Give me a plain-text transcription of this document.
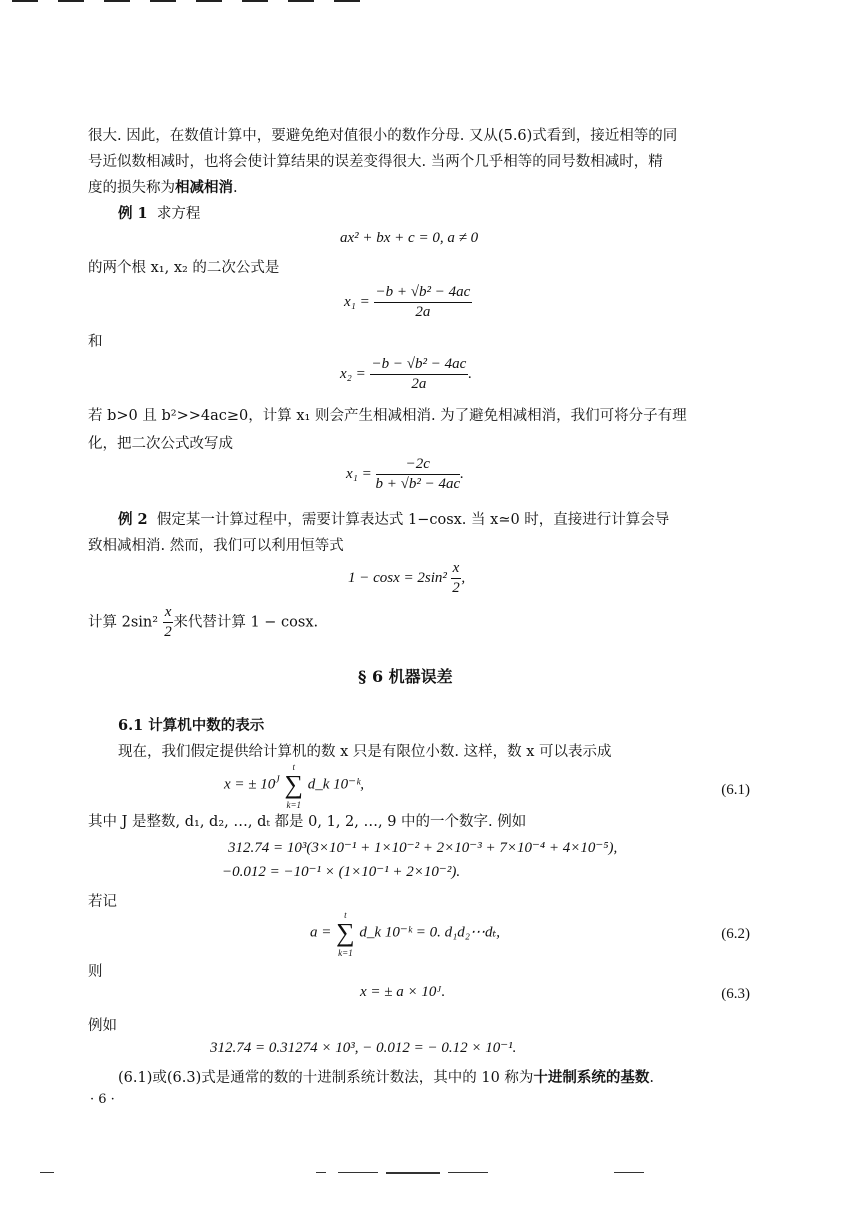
很大. 因此，在数值计算中，要避免绝对值很小的数作分母. 又从(5.6)式看到，接近相等的同
号近似数相减时，也将会使计算结果的误差变得很大. 当两个几乎相等的同号数相减时，精
度的损失称为相减相消.
例 1 求方程
ax² + bx + c = 0, a ≠ 0
的两个根 x₁, x₂ 的二次公式是
$x_1 = \frac{\text{−b + √b² − 4ac}}{2a}$
和
$x_2 = \frac{\text{−b − √b² − 4ac}}{2a}$ .
若 b>0 且 b²>>4ac≥0，计算 x₁ 则会产生相减相消. 为了避免相减相消，我们可将分子有理
化，把二次公式改写成
$x_1 = \frac{-2c}{\text{b + √b² − 4ac}}$ .
例 2 假定某一计算过程中，需要计算表达式 1−cosx. 当 x≃0 时，直接进行计算会导
致相减相消. 然而，我们可以利用恒等式
$1 - \cos x = 2\sin^2 \frac{x}{2}$ ,
计算 $2\sin^2 \frac{x}{2}$ 来代替计算 1 − cosx.
§ 6 机器误差
6.1 计算机中数的表示
现在，我们假定提供给计算机的数 x 只是有限位小数. 这样，数 x 可以表示成
x = ± $10^J$ ∑
t
k=1
d_k 10⁻ᵏ,	(6.1)
其中 J 是整数, d₁, d₂, …, dₜ 都是 0, 1, 2, …, 9 中的一个数字. 例如
312.74 = 10³(3×10⁻¹ + 1×10⁻² + 2×10⁻³ + 7×10⁻⁴ + 4×10⁻⁵),
−0.012 = −10⁻¹ × (1×10⁻¹ + 2×10⁻²).
若记
a = ∑
t
k=1
d_k 10⁻ᵏ = 0. d₁d₂⋯dₜ,	(6.2)
则
x = ± a × 10ᴶ.	(6.3)
例如
312.74 = 0.31274 × 10³, − 0.012 = − 0.12 × 10⁻¹.
(6.1)或(6.3)式是通常的数的十进制系统计数法，其中的 10 称为十进制系统的基数.
· 6 ·
